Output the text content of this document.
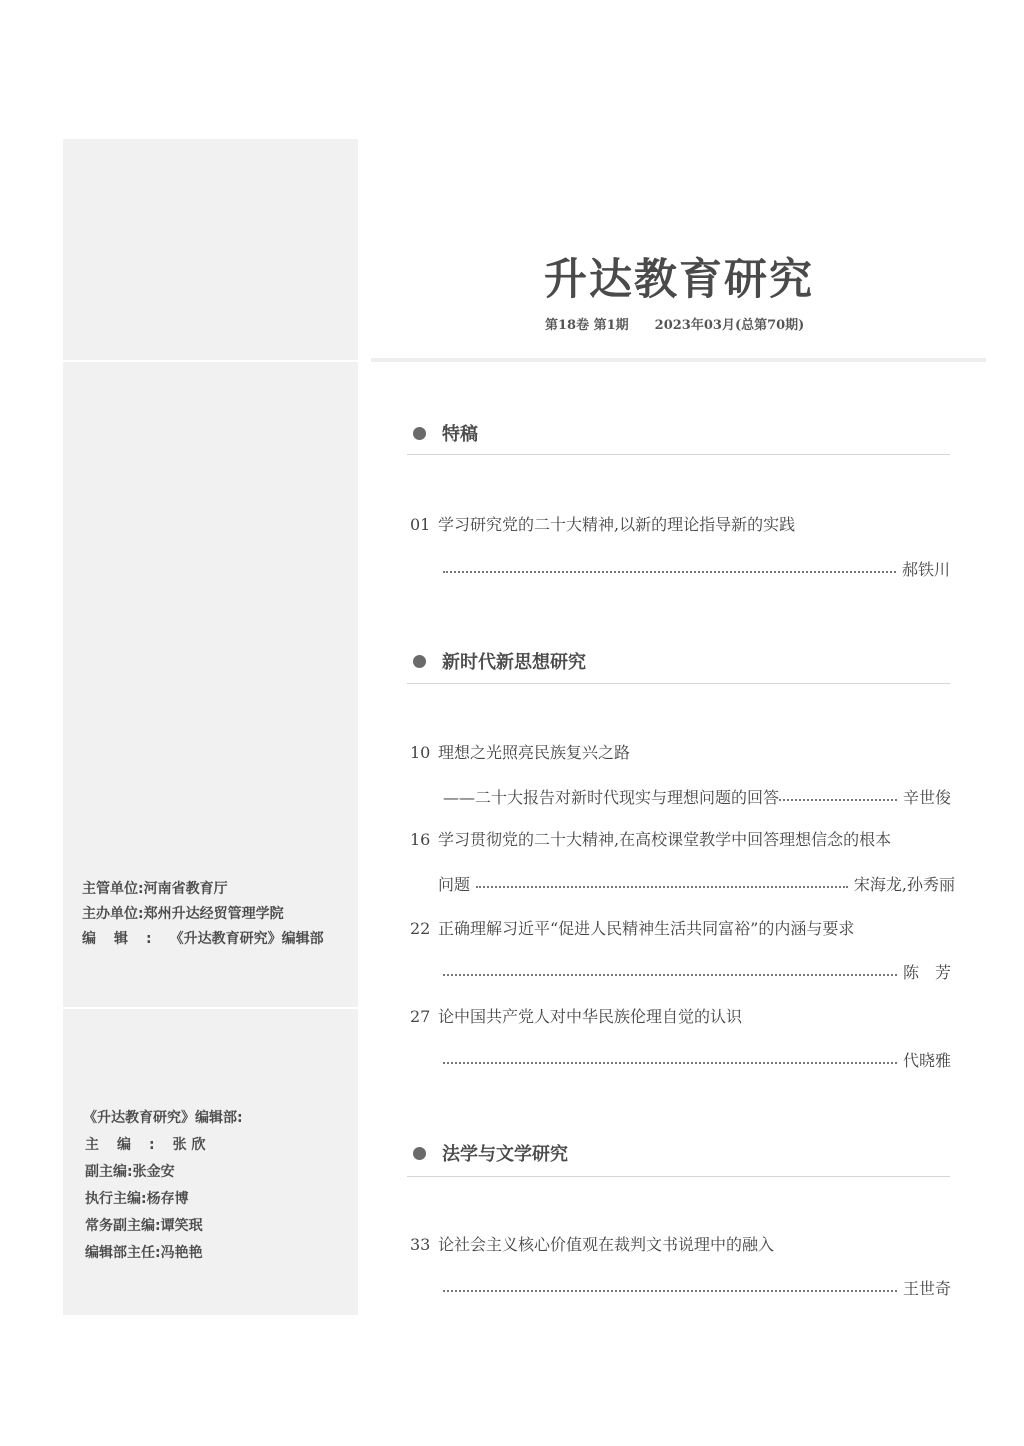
主管单位:河南省教育厅
主办单位:郑州升达经贸管理学院
编辑:《升达教育研究》编辑部
《升达教育研究》编辑部:
主编:张 欣
副主编:张金安
执行主编:杨存博
常务副主编:谭笑珉
编辑部主任:冯艳艳
升达教育研究
第18卷 第1期 2023年03月(总第70期)
特稿
01 学习研究党的二十大精神,以新的理论指导新的实践
郝铁川
新时代新思想研究
10 理想之光照亮民族复兴之路
——二十大报告对新时代现实与理想问题的回答	辛世俊
16 学习贯彻党的二十大精神,在高校课堂教学中回答理想信念的根本
问题	宋海龙,孙秀丽
22 正确理解习近平“促进人民精神生活共同富裕”的内涵与要求
陈　芳
27 论中国共产党人对中华民族伦理自觉的认识
代晓雅
法学与文学研究
33 论社会主义核心价值观在裁判文书说理中的融入
王世奇
